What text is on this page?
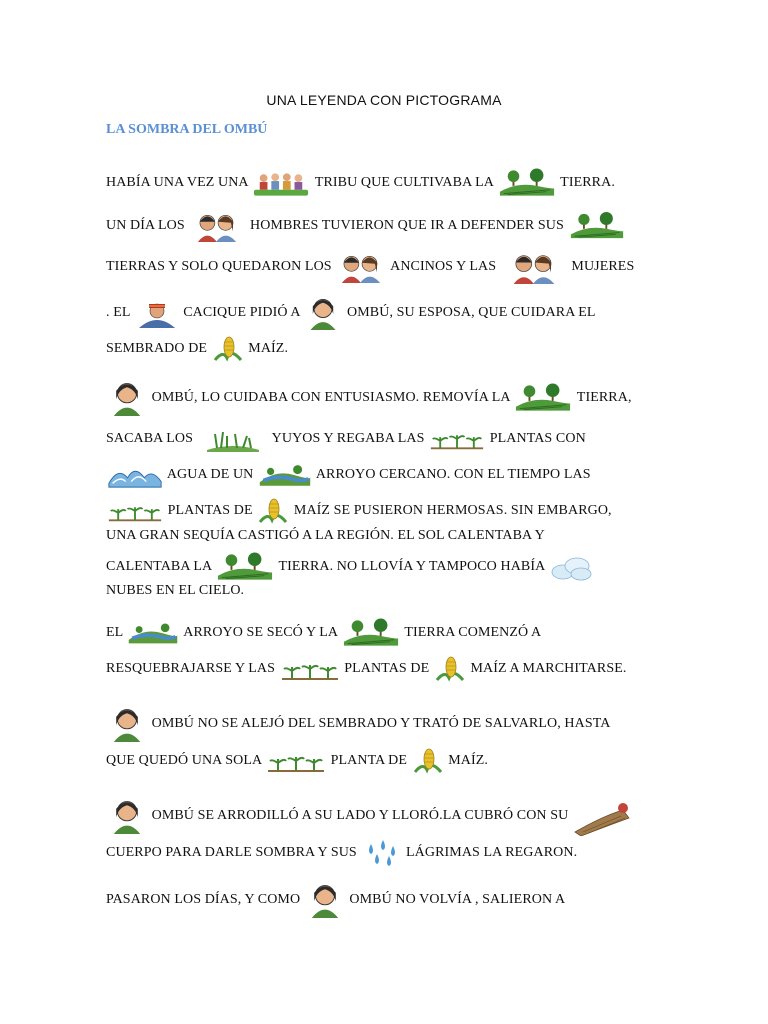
UNA LEYENDA CON PICTOGRAMA
LA SOMBRA DEL OMBÚ
HABÍA UNA VEZ UNA	TRIBU QUE CULTIVABA LA	TIERRA.
UN DÍA LOS	HOMBRES TUVIERON QUE IR A DEFENDER SUS
TIERRAS Y SOLO QUEDARON LOS	ANCINOS Y LAS	MUJERES
. EL	CACIQUE PIDIÓ A	OMBÚ, SU ESPOSA, QUE CUIDARA EL
SEMBRADO DE	MAÍZ.
OMBÚ, LO CUIDABA CON ENTUSIASMO. REMOVÍA LA	TIERRA,
SACABA LOS	YUYOS Y REGABA LAS	PLANTAS CON
AGUA DE UN	ARROYO CERCANO. CON EL TIEMPO LAS
PLANTAS DE	MAÍZ SE PUSIERON HERMOSAS. SIN EMBARGO,
UNA GRAN SEQUÍA CASTIGÓ A LA REGIÓN. EL SOL CALENTABA Y
CALENTABA LA	TIERRA. NO LLOVÍA Y TAMPOCO HABÍA
NUBES EN EL CIELO.
EL	ARROYO SE SECÓ Y LA	TIERRA COMENZÓ A
RESQUEBRAJARSE Y LAS	PLANTAS DE	MAÍZ A MARCHITARSE.
OMBÚ NO SE ALEJÓ DEL SEMBRADO Y TRATÓ DE SALVARLO, HASTA
QUE QUEDÓ UNA SOLA	PLANTA DE	MAÍZ.
OMBÚ SE ARRODILLÓ A SU LADO Y LLORÓ.LA CUBRÓ CON SU
CUERPO PARA DARLE SOMBRA Y SUS	LÁGRIMAS LA REGARON.
PASARON LOS DÍAS, Y COMO	OMBÚ NO VOLVÍA , SALIERON A
